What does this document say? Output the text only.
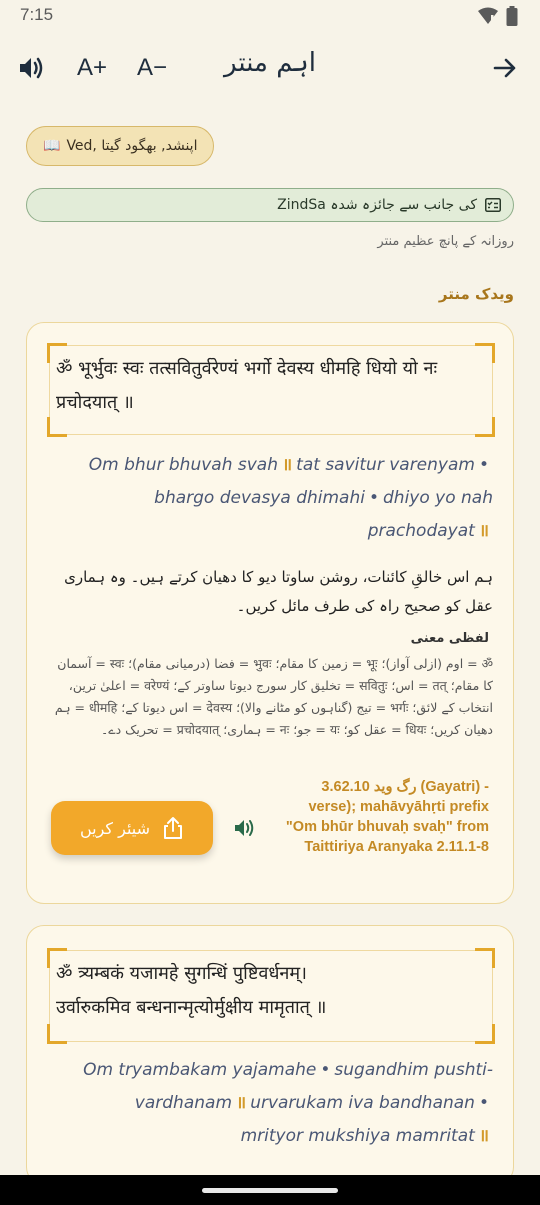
7:15
A+ A−	اہم منتر
📖 Ved, اپنشد, بھگود گیتا
ZindSa کی جانب سے جائزہ شدہ
روزانہ کے پانچ عظیم منتر
ویدک منتر
ॐ भूर्भुवः स्वः तत्सवितुर्वरेण्यं भर्गो देवस्य धीमहि धियो यो नः प्रचोदयात् ॥
Om bhur bhuvah svah ॥ tat savitur varenyam •
bhargo devasya dhimahi • dhiyo yo nah
prachodayat ॥
ہم اس خالقِ کائنات، روشن ساوتا دیو کا دھیان کرتے ہیں۔ وہ ہماری عقل کو صحیح راہ کی طرف مائل کریں۔
لفظی معنی
ॐ = اوم (ازلی آواز)؛ भूः = زمین کا مقام؛ भुवः = فضا (درمیانی مقام)؛ स्वः = آسمان کا مقام؛ तत् = اس؛ सवितुः = تخلیق کار سورج دیوتا ساوتر کے؛ वरेण्यं = اعلیٰ ترین، انتخاب کے لائق؛ भर्गः = تیج (گناہوں کو مٹانے والا)؛ देवस्य = اس دیوتا کے؛ धीमहि = ہم دھیان کریں؛ धियः = عقل کو؛ यः = جو؛ नः = ہماری؛ प्रचोदयात् = تحریک دے۔
رگ وید 3.62.10 (Gayatri) - verse); mahāvyāhṛti prefix "Om bhūr bhuvaḥ svaḥ" from Taittiriya Aranyaka 2.11.1-8
شیئر کریں
ॐ त्र्यम्बकं यजामहे सुगन्धिं पुष्टिवर्धनम्।
उर्वारुकमिव बन्धनान्मृत्योर्मुक्षीय मामृतात् ॥
Om tryambakam yajamahe • sugandhim pushti-
vardhanam ॥ urvarukam iva bandhanan •
mrityor mukshiya mamritat ॥
